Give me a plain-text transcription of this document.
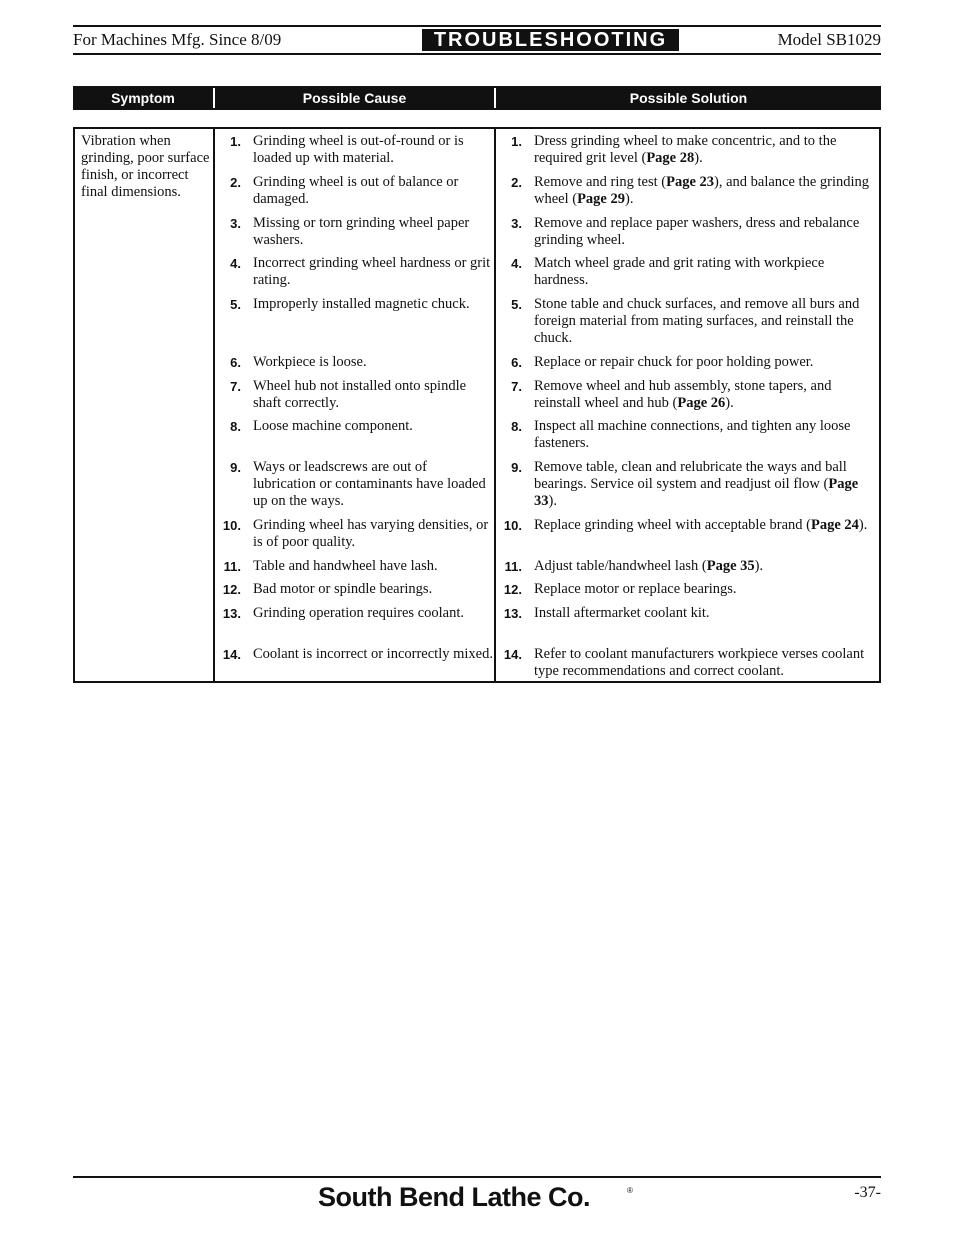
For Machines Mfg. Since 8/09	TROUBLESHOOTING	Model SB1029
Symptom	Possible Cause	Possible Solution
Vibration when grinding, poor surface finish, or incorrect final dimensions.
1. Grinding wheel is out-of-round or is loaded up with material.
1. Dress grinding wheel to make concentric, and to the required grit level (Page 28).
2. Grinding wheel is out of balance or damaged.
2. Remove and ring test (Page 23), and balance the grinding wheel (Page 29).
3. Missing or torn grinding wheel paper washers.
3. Remove and replace paper washers, dress and rebalance grinding wheel.
4. Incorrect grinding wheel hardness or grit rating.
4. Match wheel grade and grit rating with workpiece hardness.
5. Improperly installed magnetic chuck.	5. Stone table and chuck surfaces, and remove all burs and foreign material from mating surfaces, and reinstall the chuck.
6. Workpiece is loose.	6. Replace or repair chuck for poor holding power.
7. Wheel hub not installed onto spindle shaft correctly.
7. Remove wheel and hub assembly, stone tapers, and reinstall wheel and hub (Page 26).
8. Loose machine component.	8. Inspect all machine connections, and tighten any loose fasteners.
9. Ways or leadscrews are out of lubrication or contaminants have loaded up on the ways.
9. Remove table, clean and relubricate the ways and ball bearings. Service oil system and readjust oil flow (Page 33).
10. Grinding wheel has varying densities, or is of poor quality.
10. Replace grinding wheel with acceptable brand (Page 24).
11. Table and handwheel have lash.	11. Adjust table/handwheel lash (Page 35).
12. Bad motor or spindle bearings.	12. Replace motor or replace bearings.
13. Grinding operation requires coolant.	13. Install aftermarket coolant kit.
14. Coolant is incorrect or incorrectly mixed. 14. Refer to coolant manufacturers workpiece verses coolant type recommendations and correct coolant.
South Bend Lathe Co.	®	-37-
